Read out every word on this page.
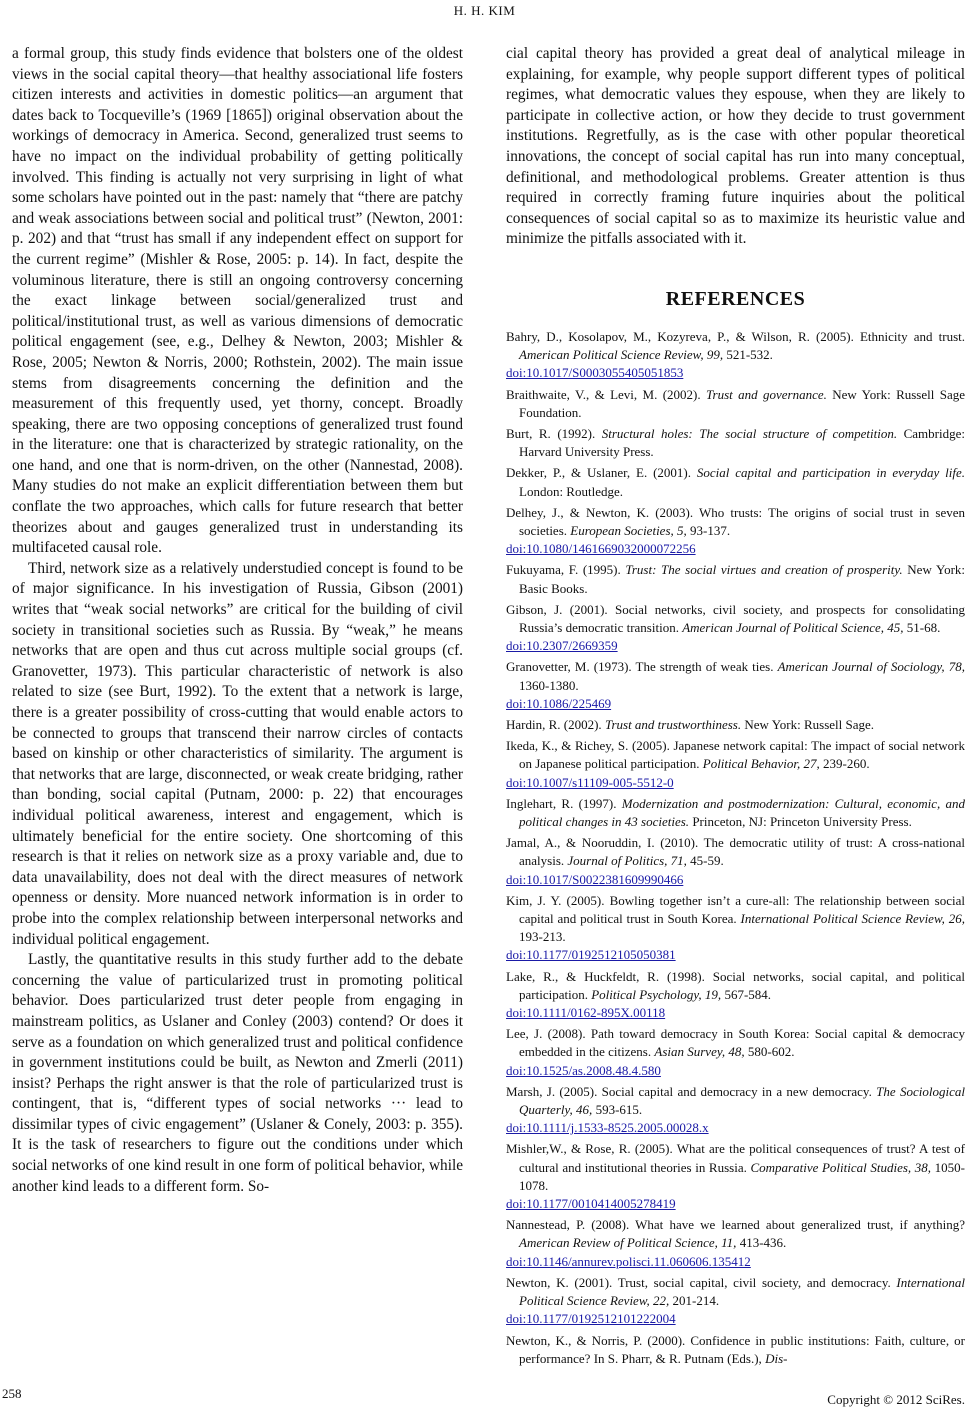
H. H. KIM

a formal group, this study finds evidence that bolsters one of the oldest views in the social capital theory—that healthy associational life fosters citizen interests and activities in domestic politics—an argument that dates back to Tocqueville’s (1969 [1865]) original observation about the workings of democracy in America. Second, generalized trust seems to have no impact on the individual probability of getting politically involved. This finding is actually not very surprising in light of what some scholars have pointed out in the past: namely that “there are patchy and weak associations between social and political trust” (Newton, 2001: p. 202) and that “trust has small if any independent effect on support for the current regime” (Mishler & Rose, 2005: p. 14). In fact, despite the voluminous literature, there is still an ongoing controversy concerning the exact linkage between social/generalized trust and political/institutional trust, as well as various dimensions of democratic political engagement (see, e.g., Delhey & Newton, 2003; Mishler & Rose, 2005; Newton & Norris, 2000; Rothstein, 2002). The main issue stems from disagreements concerning the definition and the measurement of this frequently used, yet thorny, concept. Broadly speaking, there are two opposing conceptions of generalized trust found in the literature: one that is characterized by strategic rationality, on the one hand, and one that is norm-driven, on the other (Nannestad, 2008). Many studies do not make an explicit differentiation between them but conflate the two approaches, which calls for future research that better theorizes about and gauges generalized trust in understanding its multifaceted causal role.

Third, network size as a relatively understudied concept is found to be of major significance. In his investigation of Russia, Gibson (2001) writes that “weak social networks” are critical for the building of civil society in transitional societies such as Russia. By “weak,” he means networks that are open and thus cut across multiple social groups (cf. Granovetter, 1973). This particular characteristic of network is also related to size (see Burt, 1992). To the extent that a network is large, there is a greater possibility of cross-cutting that would enable actors to be connected to groups that transcend their narrow circles of contacts based on kinship or other characteristics of similarity. The argument is that networks that are large, disconnected, or weak create bridging, rather than bonding, social capital (Putnam, 2000: p. 22) that encourages individual political awareness, interest and engagement, which is ultimately beneficial for the entire society. One shortcoming of this research is that it relies on network size as a proxy variable and, due to data unavailability, does not deal with the direct measures of network openness or density. More nuanced network information is in order to probe into the complex relationship between interpersonal networks and individual political engagement.

Lastly, the quantitative results in this study further add to the debate concerning the value of particularized trust in promoting political behavior. Does particularized trust deter people from engaging in mainstream politics, as Uslaner and Conley (2003) contend? Or does it serve as a foundation on which generalized trust and political confidence in government institutions could be built, as Newton and Zmerli (2011) insist? Perhaps the right answer is that the role of particularized trust is contingent, that is, “different types of social networks ··· lead to dissimilar types of civic engagement” (Uslaner & Conely, 2003: p. 355). It is the task of researchers to figure out the conditions under which social networks of one kind result in one form of political behavior, while another kind leads to a different form. So-

cial capital theory has provided a great deal of analytical mileage in explaining, for example, why people support different types of political regimes, what democratic values they espouse, when they are likely to participate in collective action, or how they decide to trust government institutions. Regretfully, as is the case with other popular theoretical innovations, the concept of social capital has run into many conceptual, definitional, and methodological problems. Greater attention is thus required in correctly framing future inquiries about the political consequences of social capital so as to maximize its heuristic value and minimize the pitfalls associated with it.

REFERENCES

Bahry, D., Kosolapov, M., Kozyreva, P., & Wilson, R. (2005). Ethnicity and trust. American Political Science Review, 99, 521-532.
doi:10.1017/S0003055405051853

Braithwaite, V., & Levi, M. (2002). Trust and governance. New York: Russell Sage Foundation.

Burt, R. (1992). Structural holes: The social structure of competition. Cambridge: Harvard University Press.

Dekker, P., & Uslaner, E. (2001). Social capital and participation in everyday life. London: Routledge.

Delhey, J., & Newton, K. (2003). Who trusts: The origins of social trust in seven societies. European Societies, 5, 93-137.
doi:10.1080/1461669032000072256

Fukuyama, F. (1995). Trust: The social virtues and creation of prosperity. New York: Basic Books.

Gibson, J. (2001). Social networks, civil society, and prospects for consolidating Russia’s democratic transition. American Journal of Political Science, 45, 51-68.
doi:10.2307/2669359

Granovetter, M. (1973). The strength of weak ties. American Journal of Sociology, 78, 1360-1380.
doi:10.1086/225469

Hardin, R. (2002). Trust and trustworthiness. New York: Russell Sage.

Ikeda, K., & Richey, S. (2005). Japanese network capital: The impact of social network on Japanese political participation. Political Behavior, 27, 239-260.
doi:10.1007/s11109-005-5512-0

Inglehart, R. (1997). Modernization and postmodernization: Cultural, economic, and political changes in 43 societies. Princeton, NJ: Princeton University Press.

Jamal, A., & Nooruddin, I. (2010). The democratic utility of trust: A cross-national analysis. Journal of Politics, 71, 45-59.
doi:10.1017/S0022381609990466

Kim, J. Y. (2005). Bowling together isn’t a cure-all: The relationship between social capital and political trust in South Korea. International Political Science Review, 26, 193-213.
doi:10.1177/0192512105050381

Lake, R., & Huckfeldt, R. (1998). Social networks, social capital, and political participation. Political Psychology, 19, 567-584.
doi:10.1111/0162-895X.00118

Lee, J. (2008). Path toward democracy in South Korea: Social capital & democracy embedded in the citizens. Asian Survey, 48, 580-602.
doi:10.1525/as.2008.48.4.580

Marsh, J. (2005). Social capital and democracy in a new democracy. The Sociological Quarterly, 46, 593-615.
doi:10.1111/j.1533-8525.2005.00028.x

Mishler,W., & Rose, R. (2005). What are the political consequences of trust? A test of cultural and institutional theories in Russia. Comparative Political Studies, 38, 1050-1078.
doi:10.1177/0010414005278419

Nannestead, P. (2008). What have we learned about generalized trust, if anything? American Review of Political Science, 11, 413-436.
doi:10.1146/annurev.polisci.11.060606.135412

Newton, K. (2001). Trust, social capital, civil society, and democracy. International Political Science Review, 22, 201-214.
doi:10.1177/0192512101222004

Newton, K., & Norris, P. (2000). Confidence in public institutions: Faith, culture, or performance? In S. Pharr, & R. Putnam (Eds.), Dis-

258	Copyright © 2012 SciRes.
